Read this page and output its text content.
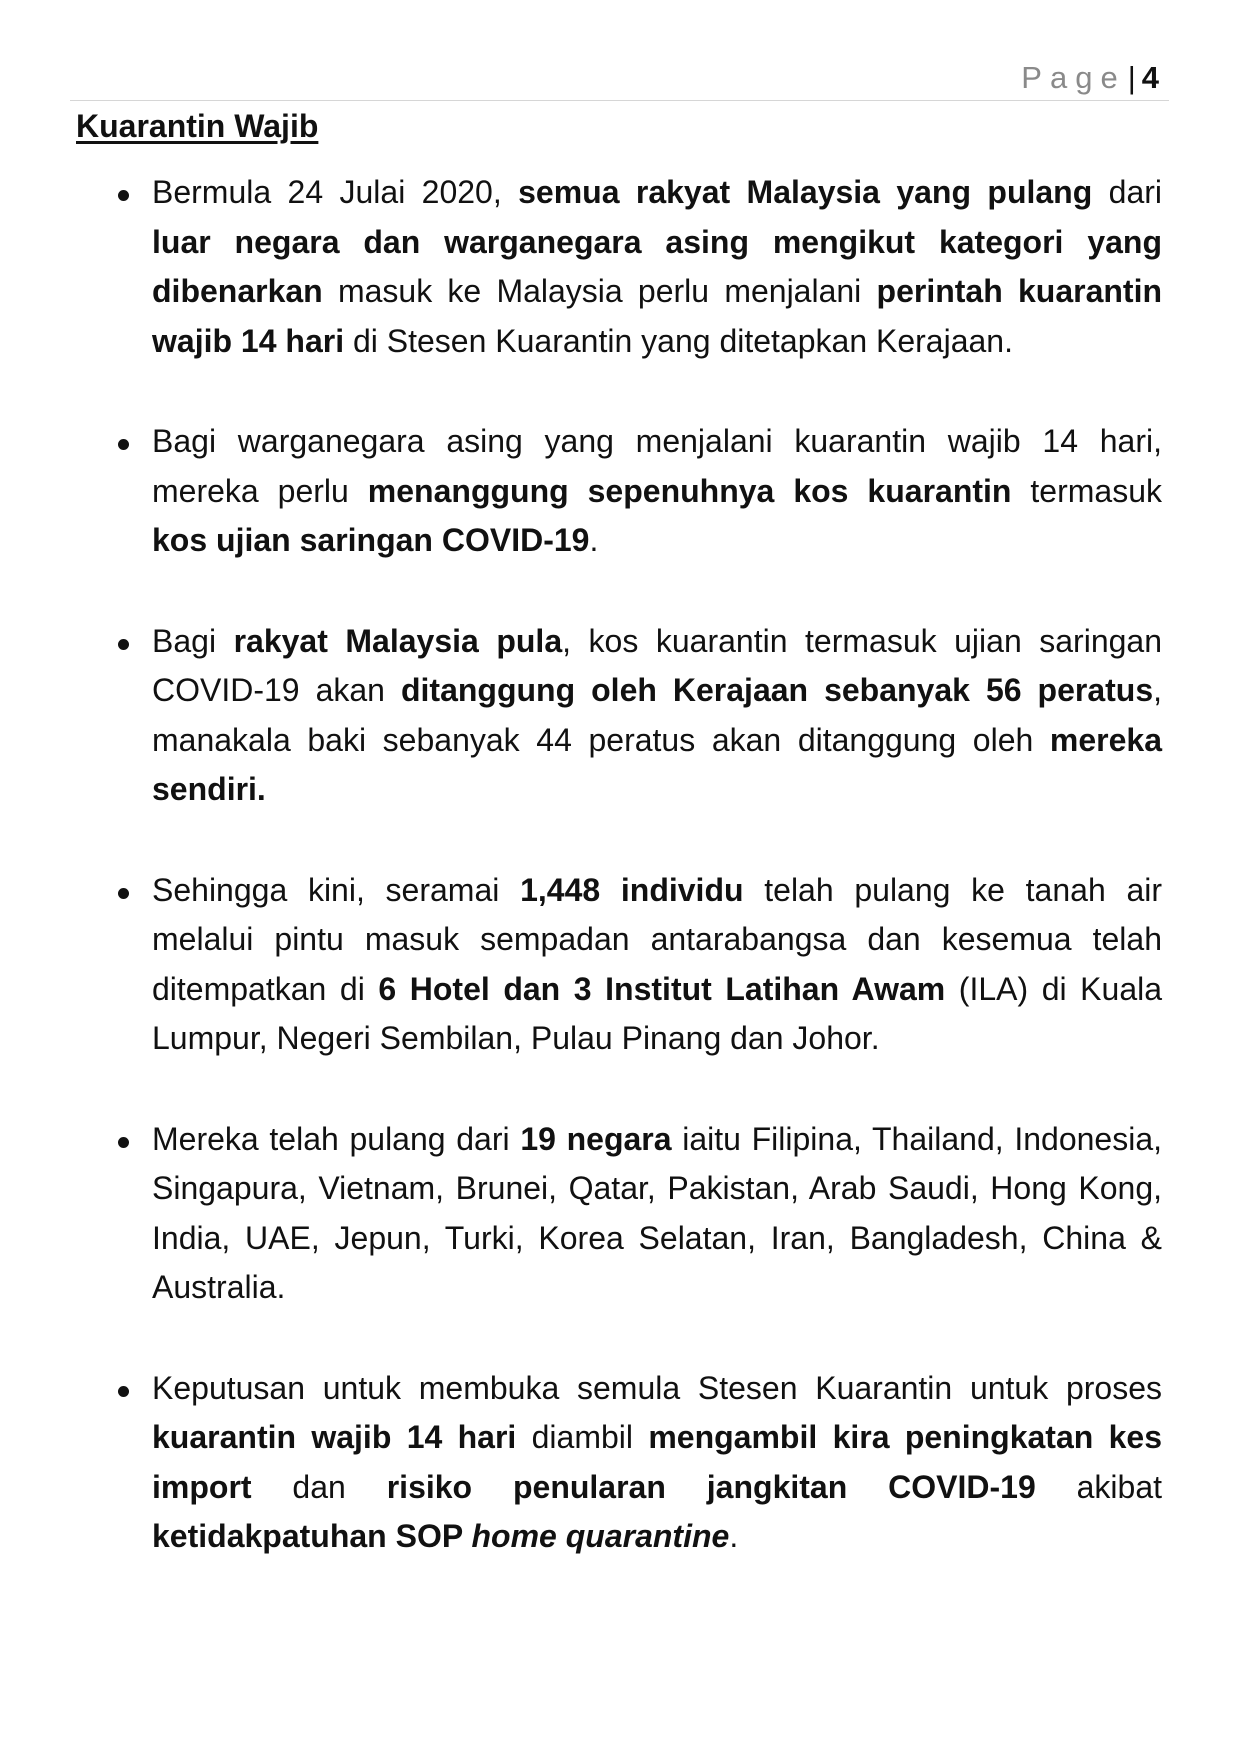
Page| 4
Kuarantin Wajib
Bermula 24 Julai 2020, semua rakyat Malaysia yang pulang dari luar negara dan warganegara asing mengikut kategori yang dibenarkan masuk ke Malaysia perlu menjalani perintah kuarantin wajib 14 hari di Stesen Kuarantin yang ditetapkan Kerajaan.
Bagi warganegara asing yang menjalani kuarantin wajib 14 hari, mereka perlu menanggung sepenuhnya kos kuarantin termasuk kos ujian saringan COVID-19.
Bagi rakyat Malaysia pula, kos kuarantin termasuk ujian saringan COVID-19 akan ditanggung oleh Kerajaan sebanyak 56 peratus, manakala baki sebanyak 44 peratus akan ditanggung oleh mereka sendiri.
Sehingga kini, seramai 1,448 individu telah pulang ke tanah air melalui pintu masuk sempadan antarabangsa dan kesemua telah ditempatkan di 6 Hotel dan 3 Institut Latihan Awam (ILA) di Kuala Lumpur, Negeri Sembilan, Pulau Pinang dan Johor.
Mereka telah pulang dari 19 negara iaitu Filipina, Thailand, Indonesia, Singapura, Vietnam, Brunei, Qatar, Pakistan, Arab Saudi, Hong Kong, India, UAE, Jepun, Turki, Korea Selatan, Iran, Bangladesh, China & Australia.
Keputusan untuk membuka semula Stesen Kuarantin untuk proses kuarantin wajib 14 hari diambil mengambil kira peningkatan kes import dan risiko penularan jangkitan COVID-19 akibat ketidakpatuhan SOP home quarantine.
